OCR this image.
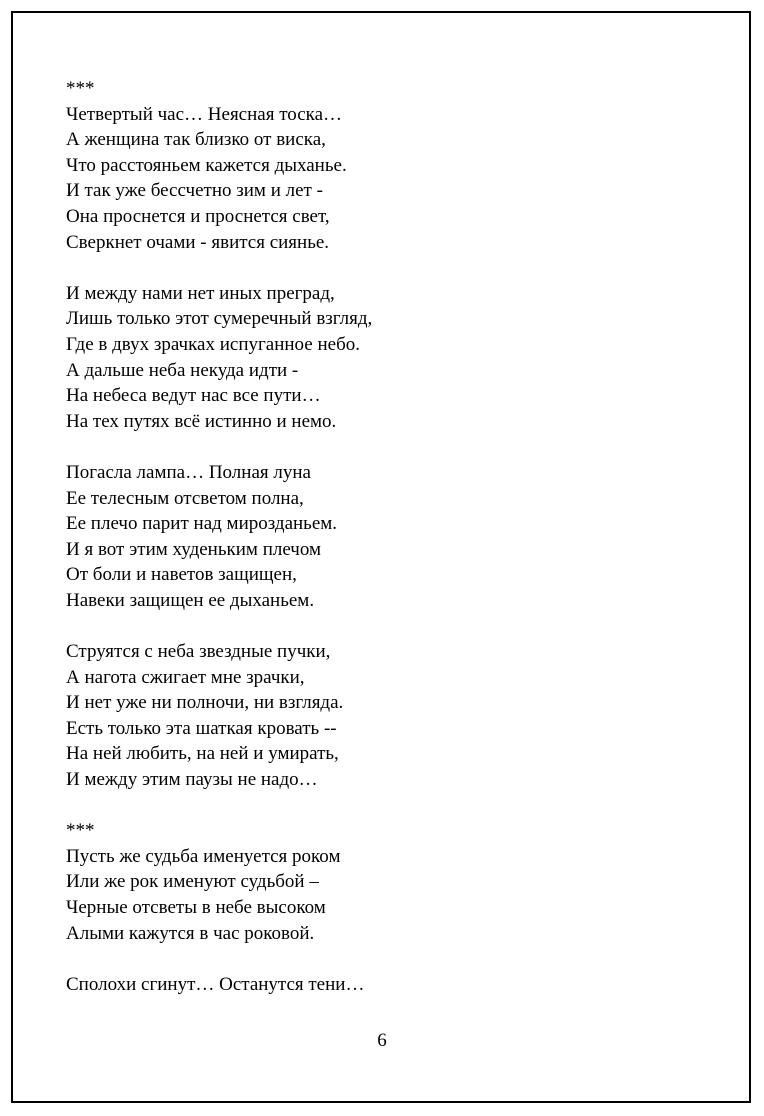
***
Четвертый час… Неясная тоска…
А женщина так близко от виска,
Что расстояньем кажется дыханье.
И так уже бессчетно зим и лет -
Она проснется и проснется свет,
Сверкнет очами - явится сиянье.
И между нами нет иных преград,
Лишь только этот сумеречный взгляд,
Где в двух зрачках испуганное небо.
А дальше неба некуда идти -
На небеса ведут нас все пути…
На тех путях всё истинно и немо.
Погасла лампа… Полная луна
Ее телесным отсветом полна,
Ее плечо парит над мирозданьем.
И я вот этим худеньким плечом
От боли и наветов защищен,
Навеки защищен ее дыханьем.
Струятся с неба звездные пучки,
А нагота сжигает мне зрачки,
И нет уже ни полночи, ни взгляда.
Есть только эта шаткая кровать --
На ней любить, на ней и умирать,
И между этим паузы не надо…
***
Пусть же судьба именуется роком
Или же рок именуют судьбой –
Черные отсветы в небе высоком
Алыми кажутся в час роковой.
Сполохи сгинут… Останутся тени…
6
